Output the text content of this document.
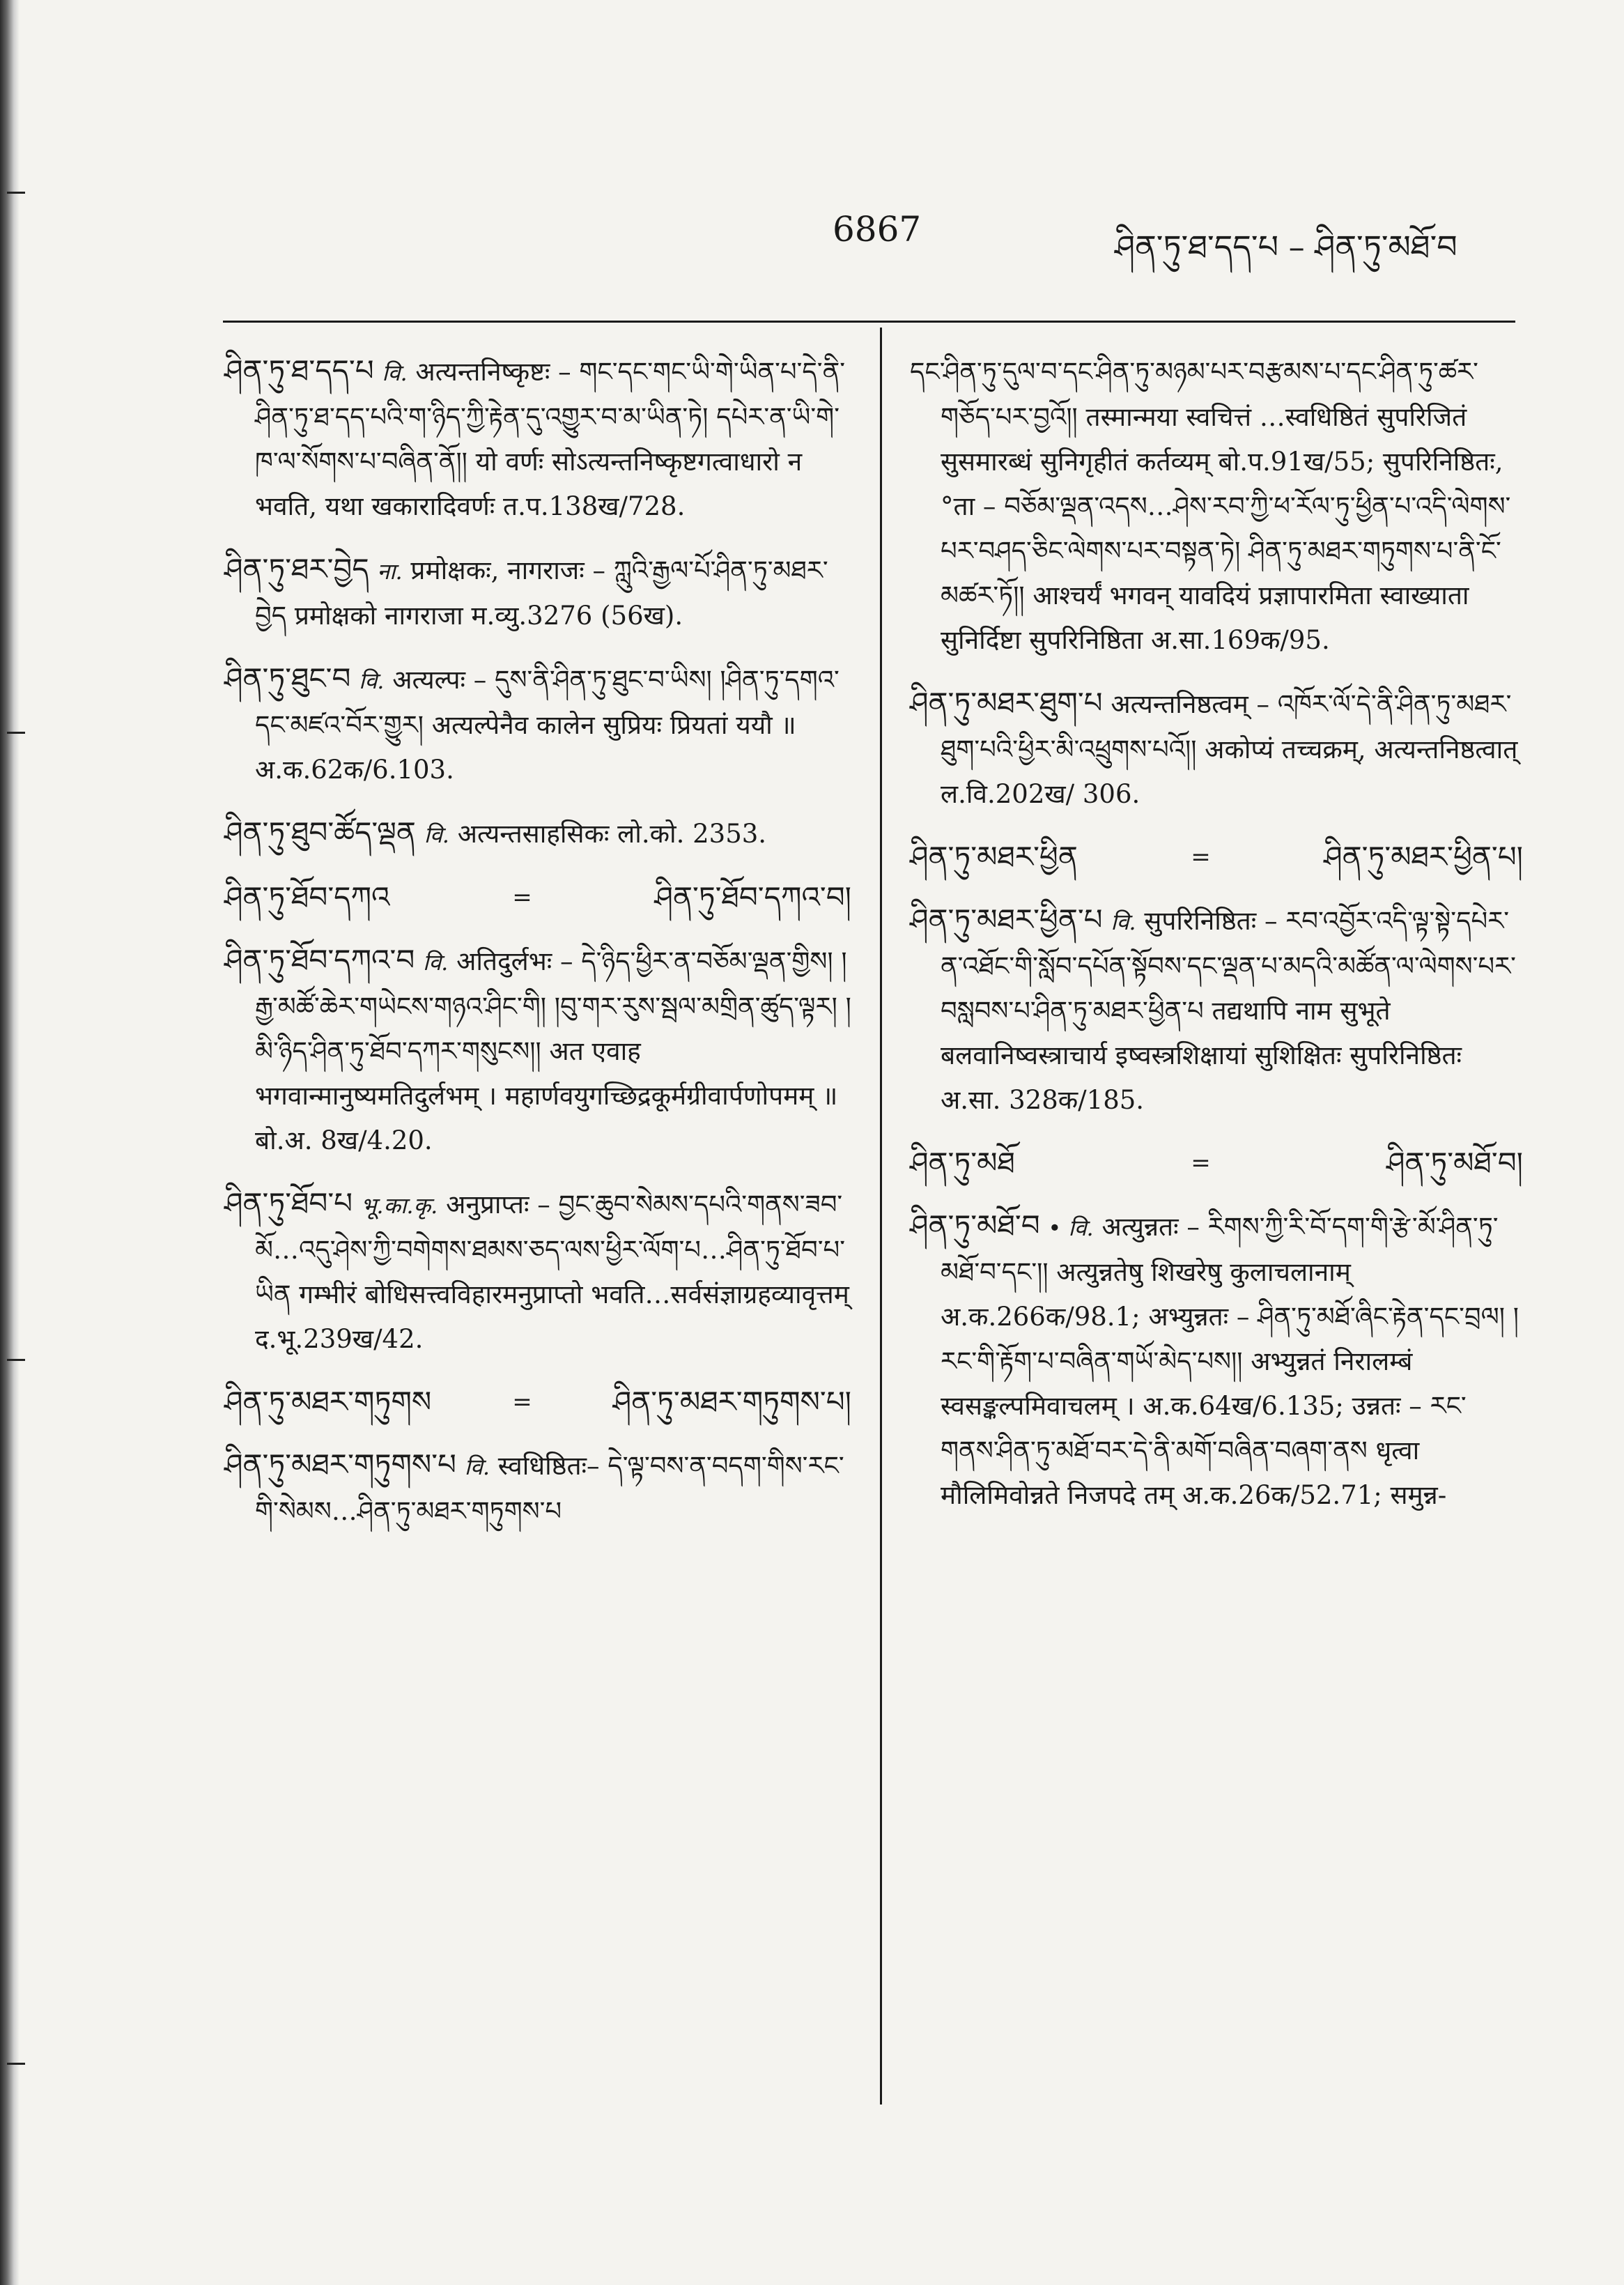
6867	ཤིན་ཏུ་ཐ་དད་པ – ཤིན་ཏུ་མཐོ་བ

ཤིན་ཏུ་ཐ་དད་པ वि. अत्यन्तनिष्कृष्टः – གང་དང་གང་ཡི་གེ་ཡིན་པ་དེ་ནི་ཤིན་ཏུ་ཐ་དད་པའི་ག་ཉིད་ཀྱི་རྟེན་དུ་འགྱུར་བ་མ་ཡིན་ཏེ། དཔེར་ན་ཡི་གེ་ཁ་ལ་སོགས་པ་བཞིན་ནོ།། यो वर्णः सोऽत्यन्तनिष्कृष्टगत्वाधारो न भवति, यथा खकारादिवर्णः त.प.138ख/728.

ཤིན་ཏུ་ཐར་བྱེད ना. प्रमोक्षकः, नागराजः – ཀླུའི་རྒྱལ་པོ་ཤིན་ཏུ་མཐར་བྱེད प्रमोक्षको नागराजा म.व्यु.3276 (56ख).

ཤིན་ཏུ་ཐུང་བ वि. अत्यल्पः – དུས་ནི་ཤིན་ཏུ་ཐུང་བ་ཡིས། །ཤིན་ཏུ་དགའ་དང་མཛའ་བོར་གྱུར། अत्यल्पेनैव कालेन सुप्रियः प्रियतां ययौ ॥ अ.क.62क/6.103.

ཤིན་ཏུ་ཐུབ་ཚོད་ལྡན वि. अत्यन्तसाहसिकः लो.को. 2353.

ཤིན་ཏུ་ཐོབ་དཀའ	=	ཤིན་ཏུ་ཐོབ་དཀའ་བ།

ཤིན་ཏུ་ཐོབ་དཀའ་བ वि. अतिदुर्लभः – དེ་ཉིད་ཕྱིར་ན་བཅོམ་ལྡན་གྱིས། །རྒྱ་མཚོ་ཆེར་གཡེངས་གཉའ་ཤིང་གི། །བུ་གར་རུས་སྦལ་མགྲིན་ཚུད་ལྟར། །མི་ཉིད་ཤིན་ཏུ་ཐོབ་དཀར་གསུངས།། अत एवाह भगवान्मानुष्यमतिदुर्लभम् । महार्णवयुगच्छिद्रकूर्मग्रीवार्पणोपमम् ॥ बो.अ. 8ख/4.20.

ཤིན་ཏུ་ཐོབ་པ भू.का.कृ. अनुप्राप्तः – བྱང་ཆུབ་སེམས་དཔའི་གནས་ཟབ་མོ…འདུ་ཤེས་ཀྱི་བགེགས་ཐམས་ཅད་ལས་ཕྱིར་ལོག་པ…ཤིན་ཏུ་ཐོབ་པ་ཡིན गम्भीरं बोधिसत्त्वविहारमनुप्राप्तो भवति…सर्वसंज्ञाग्रहव्यावृत्तम् द.भू.239ख/42.

ཤིན་ཏུ་མཐར་གཏུགས	=	ཤིན་ཏུ་མཐར་གཏུགས་པ།

ཤིན་ཏུ་མཐར་གཏུགས་པ वि. स्वधिष्ठितः– དེ་ལྟ་བས་ན་བདག་གིས་རང་གི་སེམས…ཤིན་ཏུ་མཐར་གཏུགས་པ

དང་ཤིན་ཏུ་དུལ་བ་དང་ཤིན་ཏུ་མཉམ་པར་བརྩམས་པ་དང་ཤིན་ཏུ་ཚར་གཅོད་པར་བྱའོ།། तस्मान्मया स्वचित्तं …स्वधिष्ठितं सुपरिजितं सुसमारब्धं सुनिगृहीतं कर्तव्यम् बो.प.91ख/55; सुपरिनिष्ठितः, °ता – བཅོམ་ལྡན་འདས…ཤེས་རབ་ཀྱི་ཕ་རོལ་ཏུ་ཕྱིན་པ་འདི་ལེགས་པར་བཤད་ཅིང་ལེགས་པར་བསྟན་ཏེ། ཤིན་ཏུ་མཐར་གཏུགས་པ་ནི་ངོ་མཚར་ཏོ།། आश्चर्यं भगवन् यावदियं प्रज्ञापारमिता स्वाख्याता सुनिर्दिष्टा सुपरिनिष्ठिता अ.सा.169क/95.

ཤིན་ཏུ་མཐར་ཐུག་པ अत्यन्तनिष्ठत्वम् – འཁོར་ལོ་དེ་ནི་ཤིན་ཏུ་མཐར་ཐུག་པའི་ཕྱིར་མི་འཕྲུགས་པའོ།། अकोप्यं तच्चक्रम्, अत्यन्तनिष्ठत्वात् ल.वि.202ख/ 306.

ཤིན་ཏུ་མཐར་ཕྱིན	=	ཤིན་ཏུ་མཐར་ཕྱིན་པ།

ཤིན་ཏུ་མཐར་ཕྱིན་པ वि. सुपरिनिष्ठितः – རབ་འབྱོར་འདི་ལྟ་སྟེ་དཔེར་ན་འཐོང་གི་སློབ་དཔོན་སྟོབས་དང་ལྡན་པ་མདའི་མཚོན་ལ་ལེགས་པར་བསླབས་པ་ཤིན་ཏུ་མཐར་ཕྱིན་པ तद्यथापि नाम सुभूते बलवानिष्वस्त्राचार्य इष्वस्त्रशिक्षायां सुशिक्षितः सुपरिनिष्ठितः अ.सा. 328क/185.

ཤིན་ཏུ་མཐོ	=	ཤིན་ཏུ་མཐོ་བ།

ཤིན་ཏུ་མཐོ་བ • वि. अत्युन्नतः – རིགས་ཀྱི་རི་བོ་དག་གི་རྩེ་མོ་ཤིན་ཏུ་མཐོ་བ་དང་།། अत्युन्नतेषु शिखरेषु कुलाचलानाम् अ.क.266क/98.1; अभ्युन्नतः – ཤིན་ཏུ་མཐོ་ཞིང་རྟེན་དང་བྲལ། །རང་གི་རྟོག་པ་བཞིན་གཡོ་མེད་པས།། अभ्युन्नतं निरालम्बं स्वसङ्कल्पमिवाचलम् । अ.क.64ख/6.135; उन्नतः – རང་གནས་ཤིན་ཏུ་མཐོ་བར་དེ་ནི་མགོ་བཞིན་བཞག་ནས धृत्वा मौलिमिवोन्नते निजपदे तम् अ.क.26क/52.71; समुन्न-
